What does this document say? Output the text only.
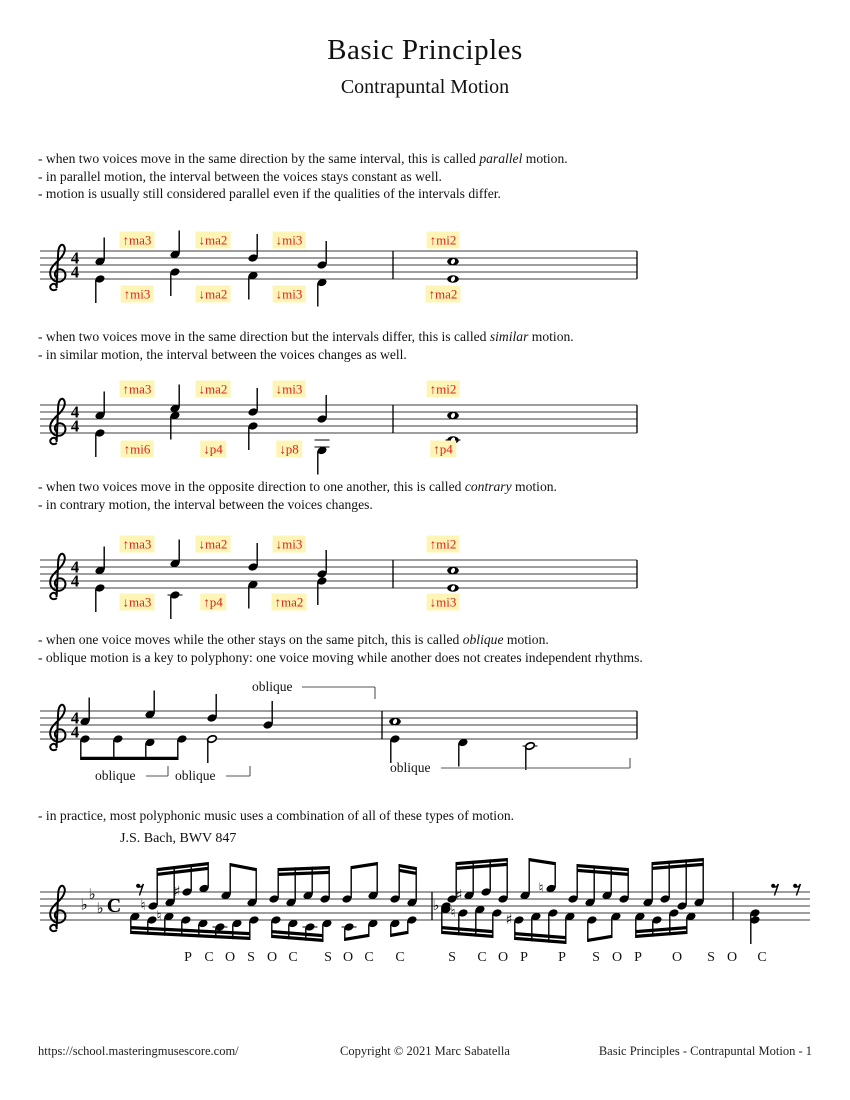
Basic Principles
Contrapuntal Motion
- when two voices move in the same direction by the same interval, this is called parallel motion.
- in parallel motion, the interval between the voices stays constant as well.
- motion is usually still considered parallel even if the qualities of the intervals differ.
- when two voices move in the same direction but the intervals differ, this is called similar motion.
- in similar motion, the interval between the voices changes as well.
- when two voices move in the opposite direction to one another, this is called contrary motion.
- in contrary motion, the interval between the voices changes.
- when one voice moves while the other stays on the same pitch, this is called oblique motion.
- oblique motion is a key to polyphony: one voice moving while another does not creates independent rhythms.
- in practice, most polyphonic music uses a combination of all of these types of motion.
4
4
4
4
4
4
4
4
♭
♭
♭ C ♮
♯	♯	♮
♮
♭ ♮	♯
↑ma3	↓ma2	↓mi3	↑mi2
↑mi3	↓ma2	↓mi3	↑ma2
↑ma3	↓ma2	↓mi3	↑mi2
↑mi6	↓p4	↓p8	↑p4
↑ma3	↓ma2	↓mi3	↑mi2
↓ma3	↑p4	↑ma2	↓mi3
oblique
oblique	oblique
oblique
P C O S O C S O C C	S C O P P S O P O S O C
J.S. Bach, BWV 847
https://school.masteringmusescore.com/	Copyright © 2021 Marc Sabatella	Basic Principles - Contrapuntal Motion - 1
